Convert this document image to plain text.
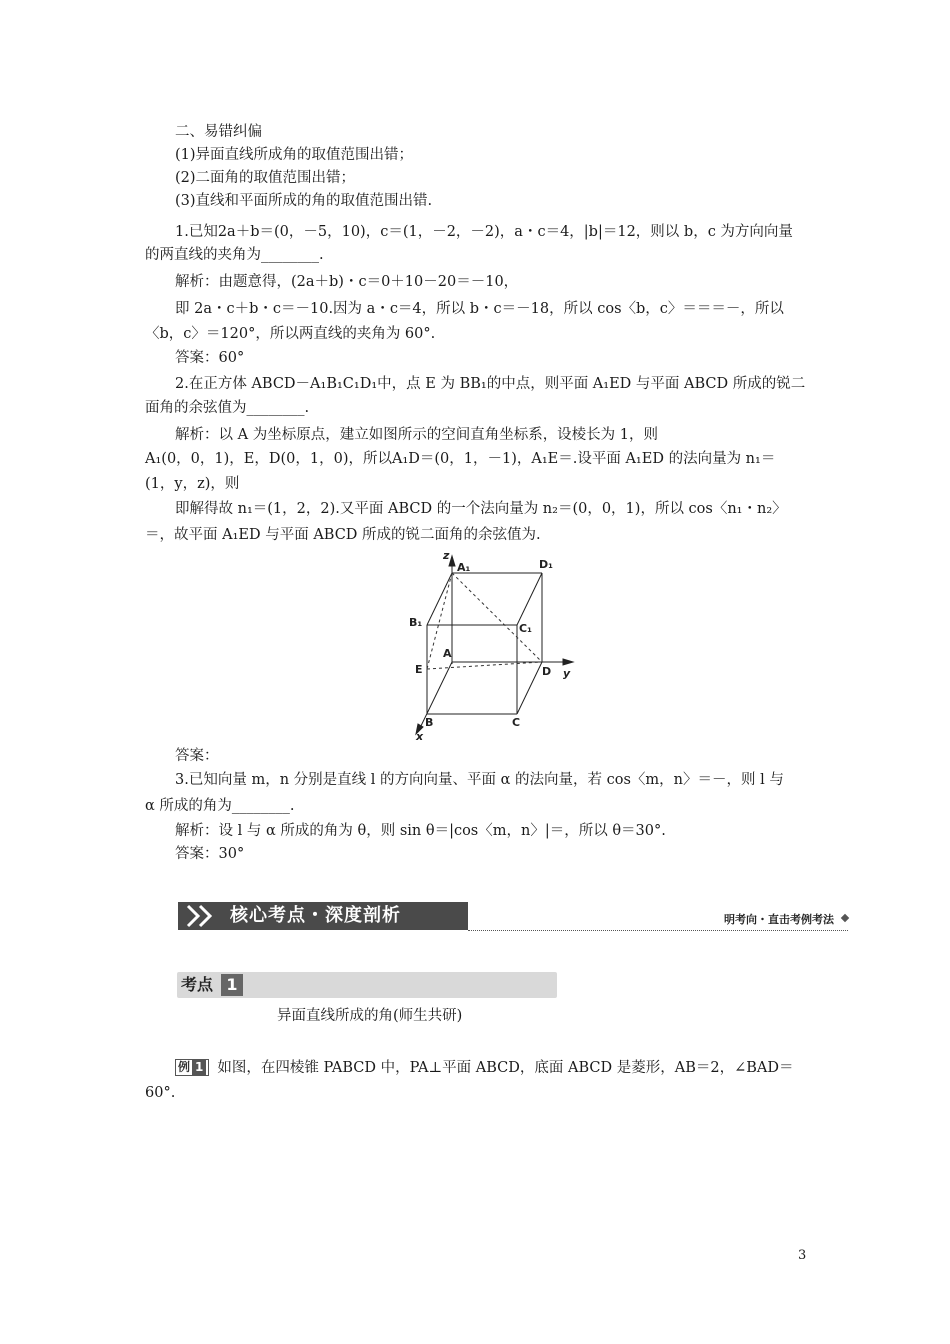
二、易错纠偏
(1)异面直线所成角的取值范围出错；
(2)二面角的取值范围出错；
(3)直线和平面所成的角的取值范围出错.
1.已知2a＋b＝(0，－5，10)，c＝(1，－2，－2)，a・c＝4，|b|＝12，则以 b，c 为方向向量
的两直线的夹角为________.
解析：由题意得，(2a＋b)・c＝0＋10－20＝－10，
即 2a・c＋b・c＝－10.因为 a・c＝4，所以 b・c＝－18，所以 cos〈b，c〉＝＝＝－，所以
〈b，c〉＝120°，所以两直线的夹角为 60°.
答案：60°
2.在正方体 ABCD－A₁B₁C₁D₁中，点 E 为 BB₁的中点，则平面 A₁ED 与平面 ABCD 所成的锐二
面角的余弦值为________.
解析：以 A 为坐标原点，建立如图所示的空间直角坐标系，设棱长为 1，则
A₁(0，0，1)，E，D(0，1，0)，所以A₁D＝(0，1，－1)，A₁E＝.设平面 A₁ED 的法向量为 n₁＝
(1，y，z)，则
即解得故 n₁＝(1，2，2).又平面 ABCD 的一个法向量为 n₂＝(0，0，1)，所以 cos〈n₁・n₂〉
＝，故平面 A₁ED 与平面 ABCD 所成的锐二面角的余弦值为.
z
A₁	D₁
B₁	C₁
A
E	D y
B	C
x
答案：
3.已知向量 m，n 分别是直线 l 的方向向量、平面 α 的法向量，若 cos〈m，n〉＝－，则 l 与
α 所成的角为________.
解析：设 l 与 α 所成的角为 θ，则 sin θ＝|cos〈m，n〉|＝，所以 θ＝30°.
答案：30°
核心考点・深度剖析	明考向・直击考例考法
考点 1
异面直线所成的角(师生共研)
例 1 如图，在四棱锥 PABCD 中，PA⊥平面 ABCD，底面 ABCD 是菱形，AB＝2，∠BAD＝
60°.
3
